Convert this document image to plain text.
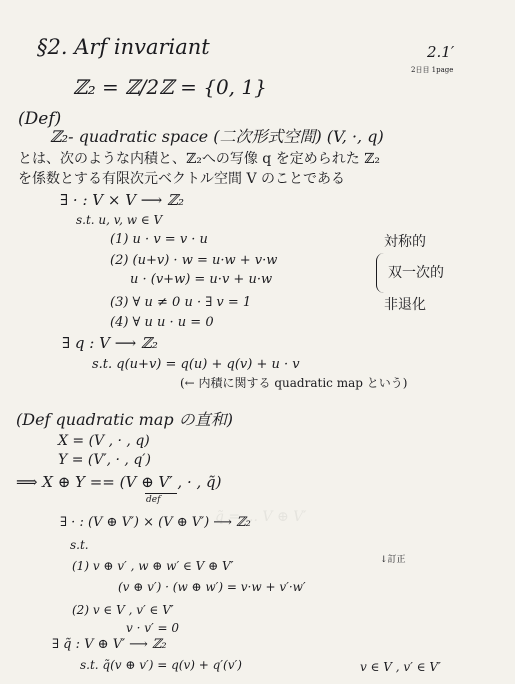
§2. Arf invariant	2.1′
2日目 1page
ℤ₂ = ℤ/2ℤ = {0, 1}
(Def)
ℤ₂- quadratic space (二次形式空間) (V, ·, q)
とは、次のような内積と、ℤ₂への写像 q を定められた ℤ₂
を係数とする有限次元ベクトル空間 V のことである
∃ · : V × V ⟶ ℤ₂
s.t. u, v, w ∈ V
(1) u · v = v · u
(2) (u+v) · w = u·w + v·w
u · (v+w) = u·v + u·w
(3) ∀ u ≠ 0 u · ∃ v = 1
(4) ∀ u u · u = 0
対称的
双一次的
非退化
∃ q : V ⟶ ℤ₂
s.t. q(u+v) = q(u) + q(v) + u · v
(← 内積に関する quadratic map という)
(Def quadratic map の直和)
X = (V , · , q)
Y = (V′, · , q′)
⟹ X ⊕ Y == (V ⊕ V′ , · , q̃)
def
q̃ = ... V ⊕ V′
∃ · : (V ⊕ V′) × (V ⊕ V′) ⟶ ℤ₂
s.t.
(1) v ⊕ v′ , w ⊕ w′ ∈ V ⊕ V′	↓訂正
(v ⊕ v′) · (w ⊕ w′) = v·w + v′·w′
(2) v ∈ V , v′ ∈ V′
v · v′ = 0
∃ q̃ : V ⊕ V′ ⟶ ℤ₂
s.t. q̃(v ⊕ v′) = q(v) + q′(v′)	v ∈ V , v′ ∈ V′
